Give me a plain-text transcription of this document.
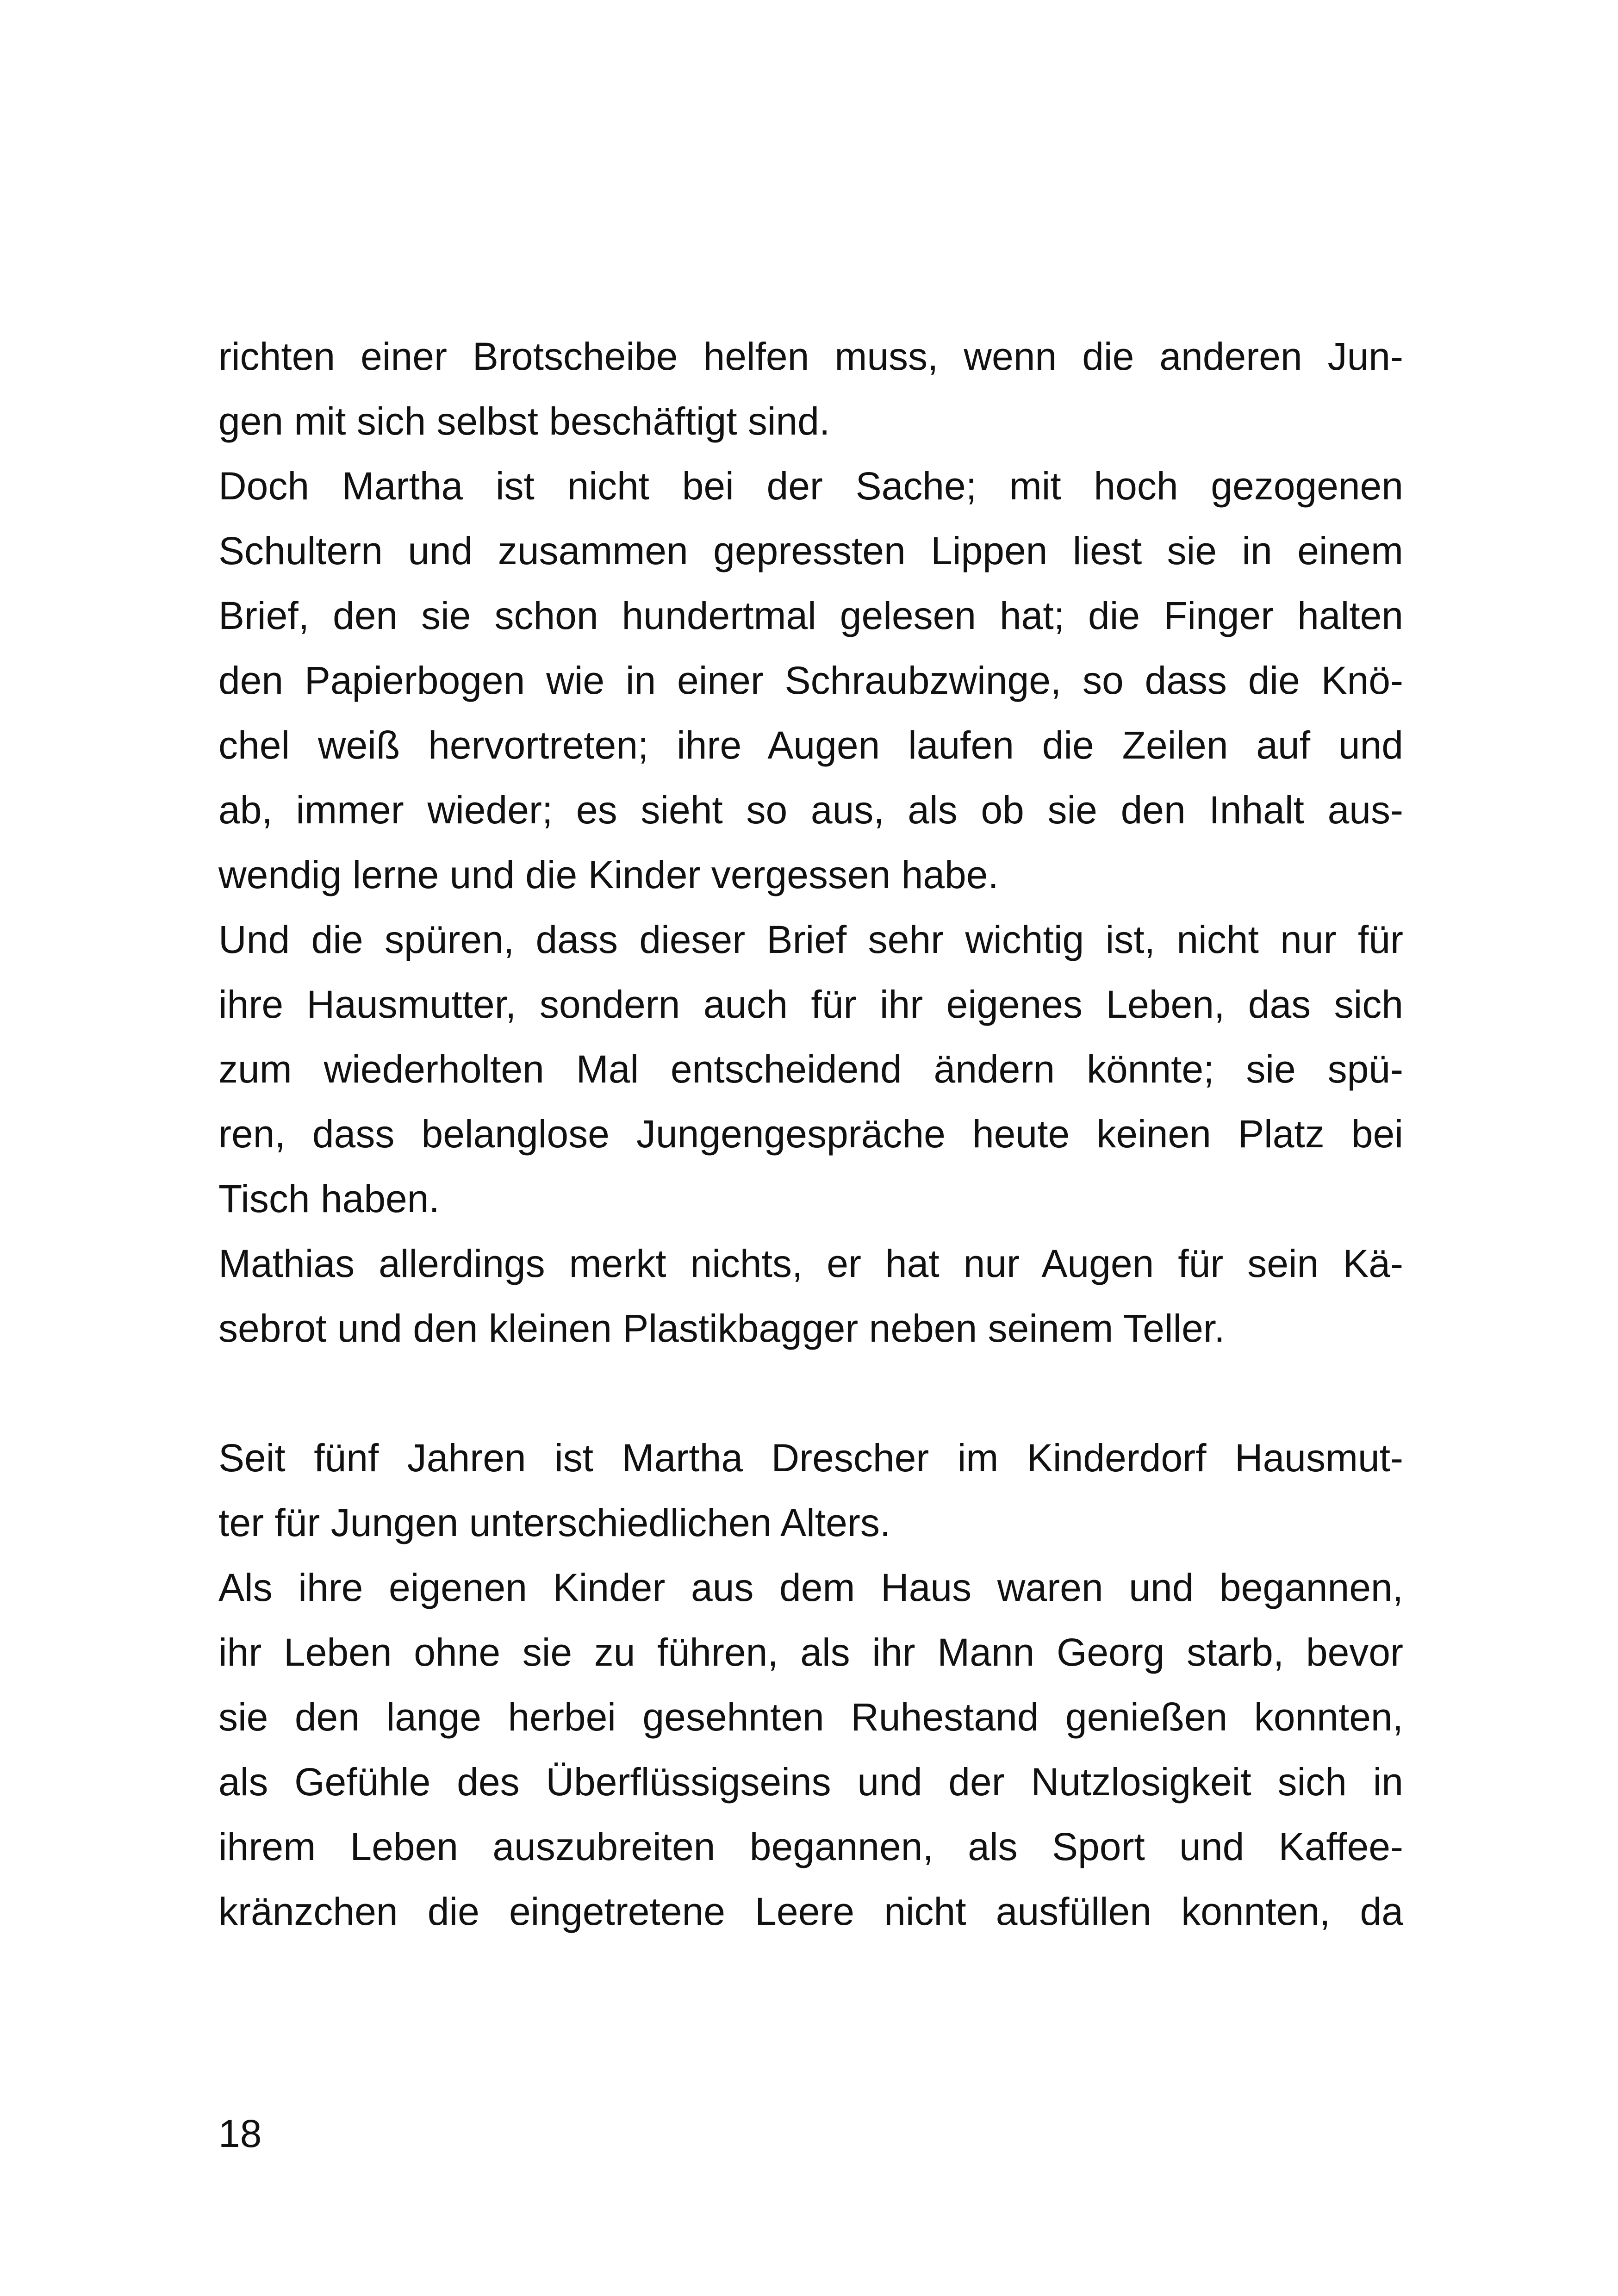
richten einer Brotscheibe helfen muss, wenn die anderen Jun-
gen mit sich selbst beschäftigt sind.
Doch Martha ist nicht bei der Sache; mit hoch gezogenen
Schultern und zusammen gepressten Lippen liest sie in einem
Brief, den sie schon hundertmal gelesen hat; die Finger halten
den Papierbogen wie in einer Schraubzwinge, so dass die Knö-
chel weiß hervortreten; ihre Augen laufen die Zeilen auf und
ab, immer wieder; es sieht so aus, als ob sie den Inhalt aus-
wendig lerne und die Kinder vergessen habe.
Und die spüren, dass dieser Brief sehr wichtig ist, nicht nur für
ihre Hausmutter, sondern auch für ihr eigenes Leben, das sich
zum wiederholten Mal entscheidend ändern könnte; sie spü-
ren, dass belanglose Jungengespräche heute keinen Platz bei
Tisch haben.
Mathias allerdings merkt nichts, er hat nur Augen für sein Kä-
sebrot und den kleinen Plastikbagger neben seinem Teller.
Seit fünf Jahren ist Martha Drescher im Kinderdorf Hausmut-
ter für Jungen unterschiedlichen Alters.
Als ihre eigenen Kinder aus dem Haus waren und begannen,
ihr Leben ohne sie zu führen, als ihr Mann Georg starb, bevor
sie den lange herbei gesehnten Ruhestand genießen konnten,
als Gefühle des Überflüssigseins und der Nutzlosigkeit sich in
ihrem Leben auszubreiten begannen, als Sport und Kaffee-
kränzchen die eingetretene Leere nicht ausfüllen konnten, da
18
